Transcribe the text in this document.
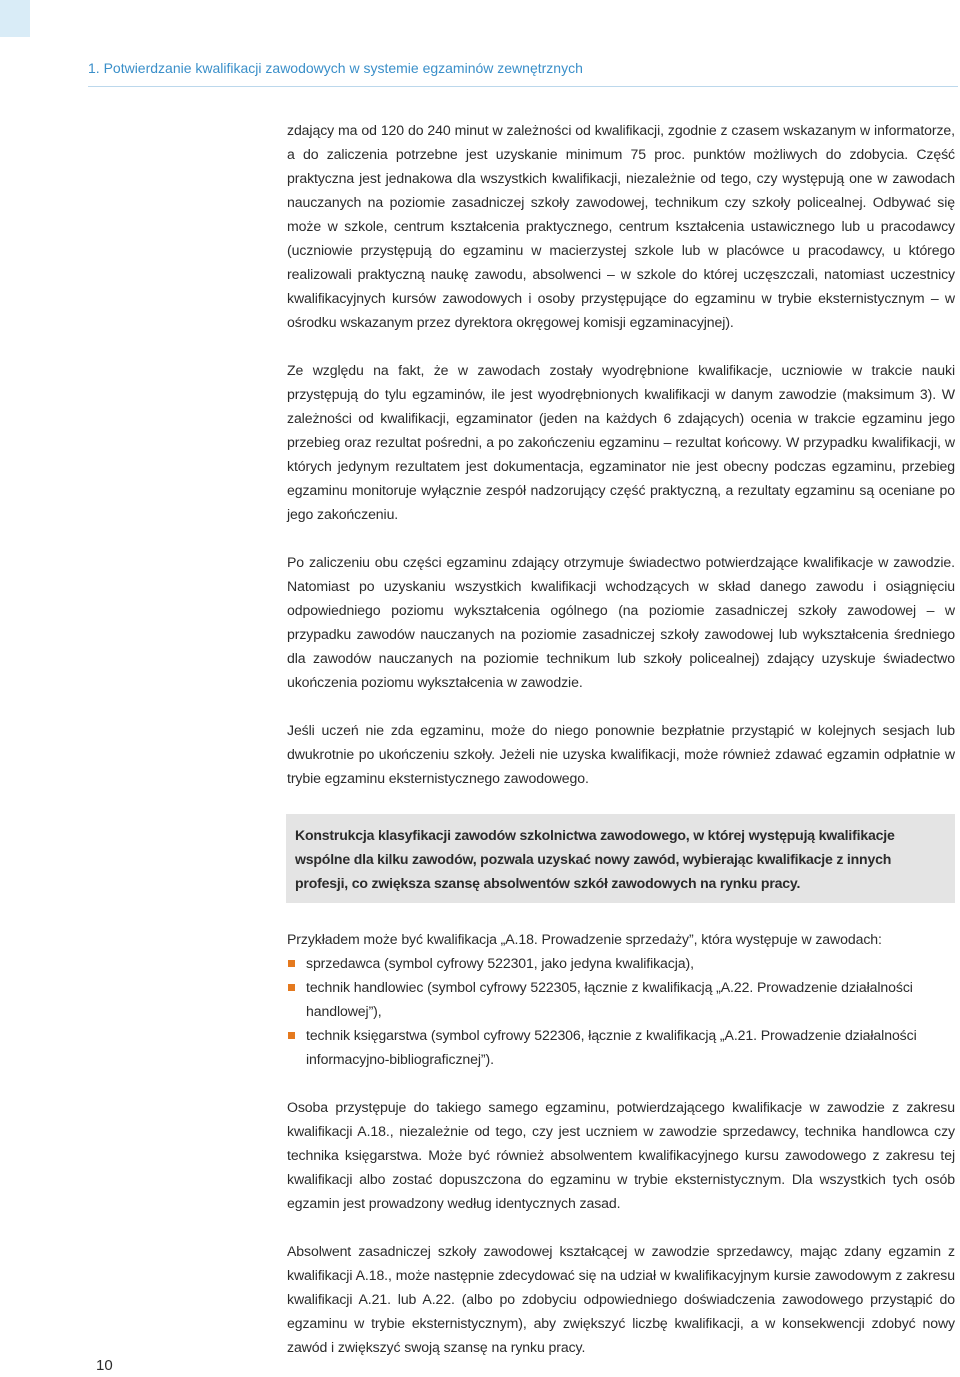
1. Potwierdzanie kwalifikacji zawodowych w systemie egzaminów zewnętrznych

zdający ma od 120 do 240 minut w zależności od kwalifikacji, zgodnie z czasem wskazanym w informatorze, a do zaliczenia potrzebne jest uzyskanie minimum 75 proc. punktów możliwych do zdobycia. Część praktyczna jest jednakowa dla wszystkich kwalifikacji, niezależnie od tego, czy występują one w zawodach nauczanych na poziomie zasadniczej szkoły zawodowej, technikum czy szkoły policealnej. Odbywać się może w szkole, centrum kształcenia praktycznego, centrum kształcenia ustawicznego lub u pracodawcy (uczniowie przystępują do egzaminu w macierzystej szkole lub w placówce u pracodawcy, u którego realizowali praktyczną naukę zawodu, absolwenci – w szkole do której uczęszczali, natomiast uczestnicy kwalifikacyjnych kursów zawodowych i osoby przystępujące do egzaminu w trybie eksternistycznym – w ośrodku wskazanym przez dyrektora okręgowej komisji egzaminacyjnej).

Ze względu na fakt, że w zawodach zostały wyodrębnione kwalifikacje, uczniowie w trakcie nauki przystępują do tylu egzaminów, ile jest wyodrębnionych kwalifikacji w danym zawodzie (maksimum 3). W zależności od kwalifikacji, egzaminator (jeden na każdych 6 zdających) ocenia w trakcie egzaminu jego przebieg oraz rezultat pośredni, a po zakończeniu egzaminu – rezultat końcowy. W przypadku kwalifikacji, w których jedynym rezultatem jest dokumentacja, egzaminator nie jest obecny podczas egzaminu, przebieg egzaminu monitoruje wyłącznie zespół nadzorujący część praktyczną, a rezultaty egzaminu są oceniane po jego zakończeniu.

Po zaliczeniu obu części egzaminu zdający otrzymuje świadectwo potwierdzające kwalifikacje w zawodzie. Natomiast po uzyskaniu wszystkich kwalifikacji wchodzących w skład danego zawodu i osiągnięciu odpowiedniego poziomu wykształcenia ogólnego (na poziomie zasadniczej szkoły zawodowej – w przypadku zawodów nauczanych na poziomie zasadniczej szkoły zawodowej lub wykształcenia średniego dla zawodów nauczanych na poziomie technikum lub szkoły policealnej) zdający uzyskuje świadectwo ukończenia poziomu wykształcenia w zawodzie.

Jeśli uczeń nie zda egzaminu, może do niego ponownie bezpłatnie przystąpić w kolejnych sesjach lub dwukrotnie po ukończeniu szkoły. Jeżeli nie uzyska kwalifikacji, może również zdawać egzamin odpłatnie w trybie egzaminu eksternistycznego zawodowego.

Konstrukcja klasyfikacji zawodów szkolnictwa zawodowego, w której występują kwalifikacje wspólne dla kilku zawodów, pozwala uzyskać nowy zawód, wybierając kwalifikacje z innych profesji, co zwiększa szansę absolwentów szkół zawodowych na rynku pracy.

Przykładem może być kwalifikacja „A.18. Prowadzenie sprzedaży”, która występuje w zawodach:

sprzedawca (symbol cyfrowy 522301, jako jedyna kwalifikacja),
technik handlowiec (symbol cyfrowy 522305, łącznie z kwalifikacją „A.22. Prowadzenie działalności handlowej”),
technik księgarstwa (symbol cyfrowy 522306, łącznie z kwalifikacją „A.21. Prowadzenie działalności informacyjno-bibliograficznej”).

Osoba przystępuje do takiego samego egzaminu, potwierdzającego kwalifikacje w zawodzie z zakresu kwalifikacji A.18., niezależnie od tego, czy jest uczniem w zawodzie sprzedawcy, technika handlowca czy technika księgarstwa. Może być również absolwentem kwalifikacyjnego kursu zawodowego z zakresu tej kwalifikacji albo zostać dopuszczona do egzaminu w trybie eksternistycznym. Dla wszystkich tych osób egzamin jest prowadzony według identycznych zasad.

Absolwent zasadniczej szkoły zawodowej kształcącej w zawodzie sprzedawcy, mając zdany egzamin z kwalifikacji A.18., może następnie zdecydować się na udział w kwalifikacyjnym kursie zawodowym z zakresu kwalifikacji A.21. lub A.22. (albo po zdobyciu odpowiedniego doświadczenia zawodowego przystąpić do egzaminu w trybie eksternistycznym), aby zwiększyć liczbę kwalifikacji, a w konsekwencji zdobyć nowy zawód i zwiększyć swoją szansę na rynku pracy.

10
